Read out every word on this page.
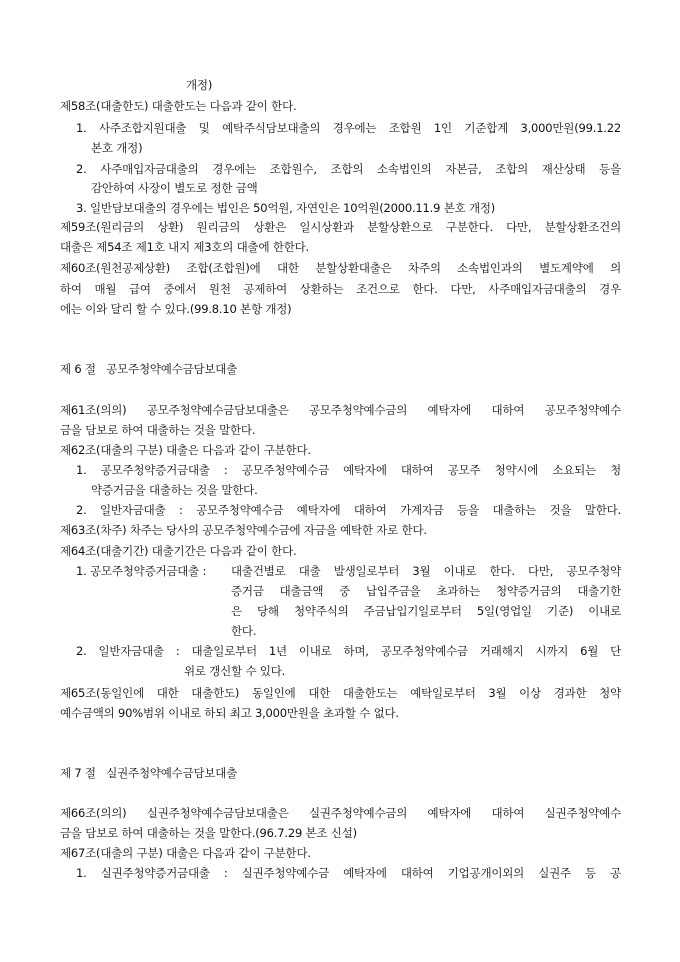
개정)
제58조(대출한도) 대출한도는 다음과 같이 한다.
1. 사주조합지원대출 및 예탁주식담보대출의 경우에는 조합원 1인 기준합계 3,000만원(99.1.22
본호 개정)
2. 사주매입자금대출의 경우에는 조합원수, 조합의 소속법인의 자본금, 조합의 재산상태 등을
감안하여 사장이 별도로 정한 금액
3. 일반담보대출의 경우에는 법인은 50억원, 자연인은 10억원(2000.11.9 본호 개정)
제59조(원리금의 상환) 원리금의 상환은 일시상환과 분할상환으로 구분한다. 다만, 분할상환조건의
대출은 제54조 제1호 내지 제3호의 대출에 한한다.
제60조(원천공제상환) 조합(조합원)에 대한 분할상환대출은 차주의 소속법인과의 별도계약에 의
하여 매월 급여 중에서 원천 공제하여 상환하는 조건으로 한다. 다만, 사주매입자금대출의 경우
에는 이와 달리 할 수 있다.(99.8.10 본항 개정)
제 6 절   공모주청약예수금담보대출
제61조(의의) 공모주청약예수금담보대출은 공모주청약예수금의 예탁자에 대하여 공모주청약예수
금을 담보로 하여 대출하는 것을 말한다.
제62조(대출의 구분) 대출은 다음과 같이 구분한다.
1. 공모주청약증거금대출 : 공모주청약예수금 예탁자에 대하여 공모주 청약시에 소요되는 청
약증거금을 대출하는 것을 말한다.
2. 일반자금대출 : 공모주청약예수금 예탁자에 대하여 가계자금 등을 대출하는 것을 말한다.
제63조(차주) 차주는 당사의 공모주청약예수금에 자금을 예탁한 자로 한다.
제64조(대출기간) 대출기간은 다음과 같이 한다.
1. 공모주청약증거금대출 : 대출건별로 대출 발생일로부터 3월 이내로 한다. 다만, 공모주청약
증거금 대출금액 중 납입주금을 초과하는 청약증거금의 대출기한
은 당해 청약주식의 주금납입기일로부터 5일(영업일 기준) 이내로
한다.
2. 일반자금대출 : 대출일로부터 1년 이내로 하며, 공모주청약예수금 거래해지 시까지 6월 단
위로 갱신할 수 있다.
제65조(동일인에 대한 대출한도) 동일인에 대한 대출한도는 예탁일로부터 3월 이상 경과한 청약
예수금액의 90%범위 이내로 하되 최고 3,000만원을 초과할 수 없다.
제 7 절   실권주청약예수금담보대출
제66조(의의) 실권주청약예수금담보대출은 실권주청약예수금의 예탁자에 대하여 실권주청약예수
금을 담보로 하여 대출하는 것을 말한다.(96.7.29 본조 신설)
제67조(대출의 구분) 대출은 다음과 같이 구분한다.
1. 실권주청약증거금대출 : 실권주청약예수금 예탁자에 대하여 기업공개이외의 실권주 등 공
